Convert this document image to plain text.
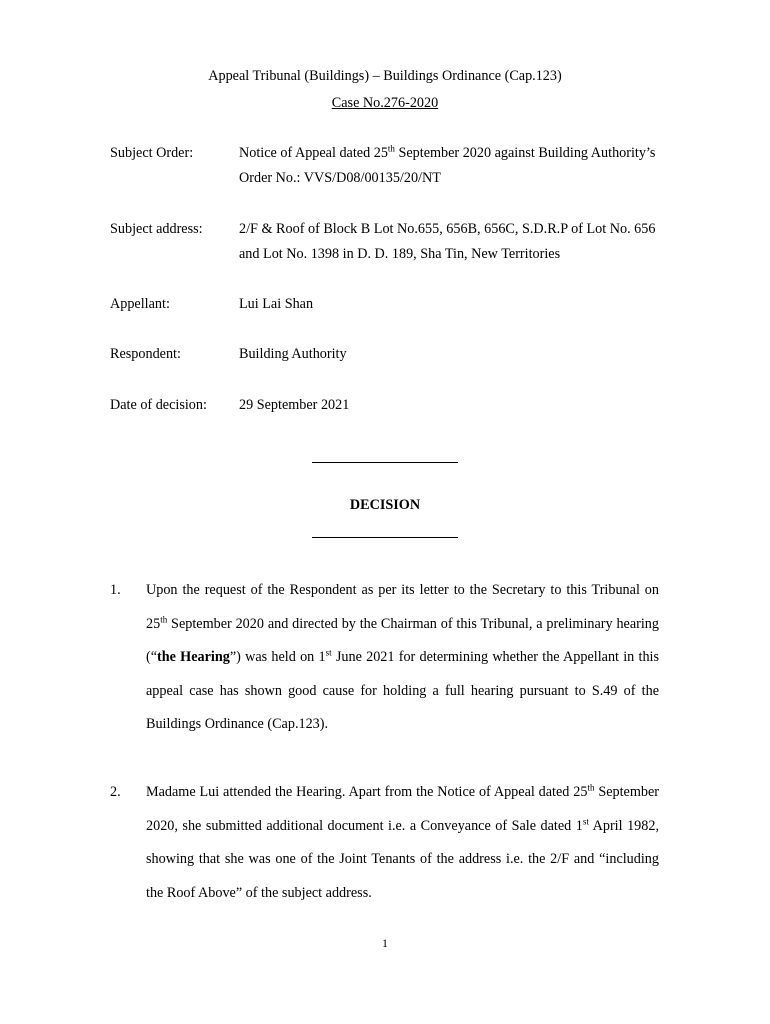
Appeal Tribunal (Buildings) – Buildings Ordinance (Cap.123)
Case No.276-2020
Subject Order:	Notice of Appeal dated 25th September 2020 against Building Authority’s Order No.: VVS/D08/00135/20/NT
Subject address:	2/F & Roof of Block B Lot No.655, 656B, 656C, S.D.R.P of Lot No. 656 and Lot No. 1398 in D. D. 189, Sha Tin, New Territories
Appellant:	Lui Lai Shan
Respondent:	Building Authority
Date of decision: 29 September 2021
DECISION
1. Upon the request of the Respondent as per its letter to the Secretary to this Tribunal on 25th September 2020 and directed by the Chairman of this Tribunal, a preliminary hearing (“the Hearing”) was held on 1st June 2021 for determining whether the Appellant in this appeal case has shown good cause for holding a full hearing pursuant to S.49 of the Buildings Ordinance (Cap.123).
2. Madame Lui attended the Hearing. Apart from the Notice of Appeal dated 25th September 2020, she submitted additional document i.e. a Conveyance of Sale dated 1st April 1982, showing that she was one of the Joint Tenants of the address i.e. the 2/F and “including the Roof Above” of the subject address.
1
